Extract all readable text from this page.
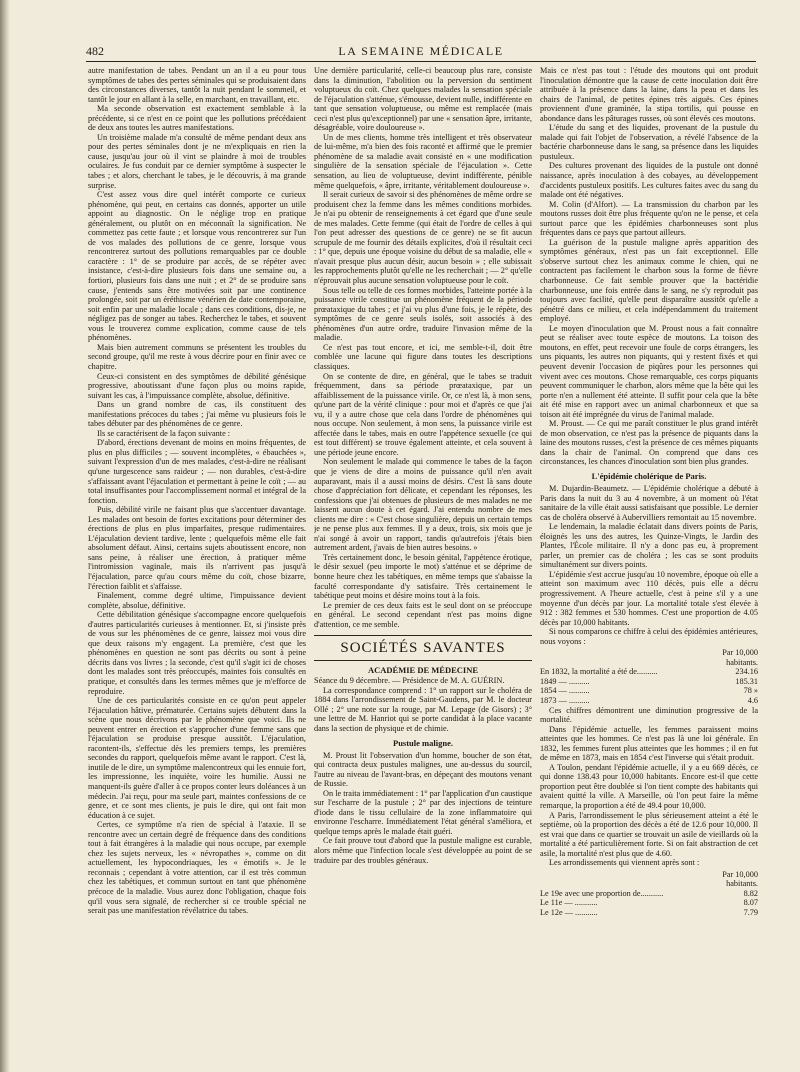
482	LA SEMAINE MÉDICALE

autre manifestation de tabes. Pendant un an il a eu pour tous symptômes de tabes des pertes séminales qui se produisaient dans des circonstances diverses, tantôt la nuit pendant le sommeil, et tantôt le jour en allant à la selle, en marchant, en travaillant, etc.

Ma seconde observation est exactement semblable à la précédente, si ce n'est en ce point que les pollutions précédaient de deux ans toutes les autres manifestations.

Un troisième malade m'a consulté de même pendant deux ans pour des pertes séminales dont je ne m'expliquais en rien la cause, jusqu'au jour où il vint se plaindre à moi de troubles oculaires. Je fus conduit par ce dernier symptôme à suspecter le tabes ; et alors, cherchant le tabes, je le découvris, à ma grande surprise.

C'est assez vous dire quel intérêt comporte ce curieux phénomène, qui peut, en certains cas donnés, apporter un utile appoint au diagnostic. On le néglige trop en pratique généralement, ou plutôt on en méconnaît la signification. Ne commettez pas cette faute ; et lorsque vous rencontrerez sur l'un de vos malades des pollutions de ce genre, lorsque vous rencontrerez surtout des pollutions remarquables par ce double caractère : 1° de se produire par accès, de se répéter avec insistance, c'est-à-dire plusieurs fois dans une semaine ou, a fortiori, plusieurs fois dans une nuit ; et 2° de se produire sans cause, j'entends sans être motivées soit par une continence prolongée, soit par un éréthisme vénérien de date contemporaine, soit enfin par une maladie locale ; dans ces conditions, dis-je, ne négligez pas de songer au tabes. Recherchez le tabes, et souvent vous le trouverez comme explication, comme cause de tels phénomènes.

Mais bien autrement communs se présentent les troubles du second groupe, qu'il me reste à vous décrire pour en finir avec ce chapitre.

Ceux-ci consistent en des symptômes de débilité génésique progressive, aboutissant d'une façon plus ou moins rapide, suivant les cas, à l'impuissance complète, absolue, définitive.

Dans un grand nombre de cas, ils constituent des manifestations précoces du tabes ; j'ai même vu plusieurs fois le tabes débuter par des phénomènes de ce genre.

Ils se caractérisent de la façon suivante :

D'abord, érections devenant de moins en moins fréquentes, de plus en plus difficiles ; — souvent incomplètes, « ébauchées », suivant l'expression d'un de mes malades, c'est-à-dire ne réalisant qu'une turgescence sans raideur ; — non durables, c'est-à-dire s'affaissant avant l'éjaculation et permettant à peine le coït ; — au total insuffisantes pour l'accomplissement normal et intégral de la fonction.

Puis, débilité virile ne faisant plus que s'accentuer davantage. Les malades ont besoin de fortes excitations pour déterminer des érections de plus en plus imparfaites, presque rudimentaires. L'éjaculation devient tardive, lente ; quelquefois même elle fait absolument défaut. Ainsi, certains sujets aboutissent encore, non sans peine, à réaliser une érection, à pratiquer même l'intromission vaginale, mais ils n'arrivent pas jusqu'à l'éjaculation, parce qu'au cours même du coït, chose bizarre, l'érection faiblit et s'affaisse.

Finalement, comme degré ultime, l'impuissance devient complète, absolue, définitive.

Cette débilitation génésique s'accompagne encore quelquefois d'autres particularités curieuses à mentionner. Et, si j'insiste près de vous sur les phénomènes de ce genre, laissez moi vous dire que deux raisons m'y engagent. La première, c'est que les phénomènes en question ne sont pas décrits ou sont à peine décrits dans vos livres ; la seconde, c'est qu'il s'agit ici de choses dont les malades sont très préoccupés, maintes fois consultés en pratique, et consultés dans les termes mêmes que je m'efforce de reproduire.

Une de ces particularités consiste en ce qu'on peut appeler l'éjaculation hâtive, prématurée. Certains sujets débutent dans la scène que nous décrivons par le phénomène que voici. Ils ne peuvent entrer en érection et s'approcher d'une femme sans que l'éjaculation se produise presque aussitôt. L'éjaculation, racontent-ils, s'effectue dès les premiers temps, les premières secondes du rapport, quelquefois même avant le rapport. C'est là, inutile de le dire, un symptôme malencontreux qui les ennuie fort, les impressionne, les inquiète, voire les humilie. Aussi ne manquent-ils guère d'aller à ce propos conter leurs doléances à un médecin. J'ai reçu, pour ma seule part, maintes confessions de ce genre, et ce sont mes clients, je puis le dire, qui ont fait mon éducation à ce sujet.

Certes, ce symptôme n'a rien de spécial à l'ataxie. Il se rencontre avec un certain degré de fréquence dans des conditions tout à fait étrangères à la maladie qui nous occupe, par exemple chez les sujets nerveux, les « névropathes », comme on dit actuellement, les hypocondriaques, les « émotifs ». Je le reconnais ; cependant à votre attention, car il est très commun chez les tabétiques, et commun surtout en tant que phénomène précoce de la maladie. Vous aurez donc l'obligation, chaque fois qu'il vous sera signalé, de rechercher si ce trouble spécial ne serait pas une manifestation révélatrice du tabes.

Une dernière particularité, celle-ci beaucoup plus rare, consiste dans la diminution, l'abolition ou la perversion du sentiment voluptueux du coït. Chez quelques malades la sensation spéciale de l'éjaculation s'atténue, s'émousse, devient nulle, indifférente en tant que sensation voluptueuse, ou même est remplacée (mais ceci n'est plus qu'exceptionnel) par une « sensation âpre, irritante, désagréable, voire douloureuse ».

Un de mes clients, homme très intelligent et très observateur de lui-même, m'a bien des fois raconté et affirmé que le premier phénomène de sa maladie avait consisté en « une modification singulière de la sensation spéciale de l'éjaculation ». Cette sensation, au lieu de voluptueuse, devint indifférente, pénible même quelquefois, « âpre, irritante, véritablement douloureuse ».

Il serait curieux de savoir si des phénomènes de même ordre se produisent chez la femme dans les mêmes conditions morbides. Je n'ai pu obtenir de renseignements à cet égard que d'une seule de mes malades. Cette femme (qui était de l'ordre de celles à qui l'on peut adresser des questions de ce genre) ne se fit aucun scrupule de me fournir des détails explicites, d'où il résultait ceci : 1° que, depuis une époque voisine du début de sa maladie, elle « n'avait presque plus aucun désir, aucun besoin » ; elle subissait les rapprochements plutôt qu'elle ne les recherchait ; — 2° qu'elle n'éprouvait plus aucune sensation voluptueuse pour le coït.

Sous telle ou telle de ces formes morbides, l'atteinte portée à la puissance virile constitue un phénomène fréquent de la période prœataxique du tabes ; et j'ai vu plus d'une fois, je le répète, des symptômes de ce genre seuls isolés, soit associés à des phénomènes d'un autre ordre, traduire l'invasion même de la maladie.

Ce n'est pas tout encore, et ici, me semble-t-il, doit être comblée une lacune qui figure dans toutes les descriptions classiques.

On se contente de dire, en général, que le tabes se traduit fréquemment, dans sa période prœataxique, par un affaiblissement de la puissance virile. Or, ce n'est là, à mon sens, qu'une part de la vérité clinique : pour moi et d'après ce que j'ai vu, il y a autre chose que cela dans l'ordre de phénomènes qui nous occupe. Non seulement, à mon sens, la puissance virile est affectée dans le tabes, mais en outre l'appétence sexuelle (ce qui est tout différent) se trouve également atteinte, et cela souvent à une période jeune encore.

Non seulement le malade qui commence le tabes de la façon que je viens de dire a moins de puissance qu'il n'en avait auparavant, mais il a aussi moins de désirs. C'est là sans doute chose d'appréciation fort délicate, et cependant les réponses, les confessions que j'ai obtenues de plusieurs de mes malades ne me laissent aucun doute à cet égard. J'ai entendu nombre de mes clients me dire : « C'est chose singulière, depuis un certain temps je ne pense plus aux femmes. Il y a deux, trois, six mois que je n'ai songé à avoir un rapport, tandis qu'autrefois j'étais bien autrement ardent, j'avais de bien autres besoins. »

Très certainement donc, le besoin génital, l'appétence érotique, le désir sexuel (peu importe le mot) s'atténue et se déprime de bonne heure chez les tabétiques, en même temps que s'abaisse la faculté correspondante d'y satisfaire. Très certainement le tabétique peut moins et désire moins tout à la fois.

Le premier de ces deux faits est le seul dont on se préoccupe en général. Le second cependant n'est pas moins digne d'attention, ce me semble.

SOCIÉTÉS SAVANTES
ACADÉMIE DE MÉDECINE

Séance du 9 décembre. — Présidence de M. A. GUÉRIN.

La correspondance comprend : 1° un rapport sur le choléra de 1884 dans l'arrondissement de Saint-Gaudens, par M. le docteur Ollé ; 2° une note sur la rouge, par M. Lepage (de Gisors) ; 3° une lettre de M. Hanriot qui se porte candidat à la place vacante dans la section de physique et de chimie.

Pustule maligne.

M. Proust lit l'observation d'un homme, boucher de son état, qui contracta deux pustules malignes, une au-dessus du sourcil, l'autre au niveau de l'avant-bras, en dépeçant des moutons venant de Russie.

On le traita immédiatement : 1° par l'application d'un caustique sur l'escharre de la pustule ; 2° par des injections de teinture d'iode dans le tissu cellulaire de la zone inflammatoire qui environne l'escharre. Immédiatement l'état général s'améliora, et quelque temps après le malade était guéri.

Ce fait prouve tout d'abord que la pustule maligne est curable, alors même que l'infection locale s'est développée au point de se traduire par des troubles généraux.

Mais ce n'est pas tout : l'étude des moutons qui ont produit l'inoculation démontre que la cause de cette inoculation doit être attribuée à la présence dans la laine, dans la peau et dans les chairs de l'animal, de petites épines très aiguës. Ces épines proviennent d'une graminée, la stipa tortilis, qui pousse en abondance dans les pâturages russes, où sont élevés ces moutons.

L'étude du sang et des liquides, provenant de la pustule du malade qui fait l'objet de l'observation, a révélé l'absence de la bactérie charbonneuse dans le sang, sa présence dans les liquides pustuleux.

Des cultures provenant des liquides de la pustule ont donné naissance, après inoculation à des cobayes, au développement d'accidents pustuleux positifs. Les cultures faites avec du sang du malade ont été négatives.

M. Colin (d'Alfort). — La transmission du charbon par les moutons russes doit être plus fréquente qu'on ne le pense, et cela surtout parce que les épidémies charbonneuses sont plus fréquentes dans ce pays que partout ailleurs.

La guérison de la pustule maligne après apparition des symptômes généraux, n'est pas un fait exceptionnel. Elle s'observe surtout chez les animaux comme le chien, qui ne contractent pas facilement le charbon sous la forme de fièvre charbonneuse. Ce fait semble prouver que la bactéridie charbonneuse, une fois entrée dans le sang, ne s'y reproduit pas toujours avec facilité, qu'elle peut disparaître aussitôt qu'elle a pénétré dans ce milieu, et cela indépendamment du traitement employé.

Le moyen d'inoculation que M. Proust nous a fait connaître peut se réaliser avec toute espèce de moutons. La toison des moutons, en effet, peut recevoir une foule de corps étrangers, les uns piquants, les autres non piquants, qui y restent fixés et qui peuvent devenir l'occasion de piqûres pour les personnes qui vivent avec ces moutons. Chose remarquable, ces corps piquants peuvent communiquer le charbon, alors même que la bête qui les porte n'en a nullement été atteinte. Il suffit pour cela que la bête ait été mise en rapport avec un animal charbonneux et que sa toison ait été imprégnée du virus de l'animal malade.

M. Proust. — Ce qui me paraît constituer le plus grand intérêt de mon observation, ce n'est pas la présence de piquants dans la laine des moutons russes, c'est la présence de ces mêmes piquants dans la chair de l'animal. On comprend que dans ces circonstances, les chances d'inoculation sont bien plus grandes.

L'épidémie cholérique de Paris.

M. Dujardin-Beaumetz. — L'épidémie cholérique a débuté à Paris dans la nuit du 3 au 4 novembre, à un moment où l'état sanitaire de la ville était aussi satisfaisant que possible. Le dernier cas de choléra observé à Aubervilliers remontait au 15 novembre.

Le lendemain, la maladie éclatait dans divers points de Paris, éloignés les uns des autres, les Quinze-Vingts, le Jardin des Plantes, l'École militaire. Il n'y a donc pas eu, à proprement parler, un premier cas de choléra ; les cas se sont produits simultanément sur divers points.

L'épidémie s'est accrue jusqu'au 10 novembre, époque où elle a atteint son maximum avec 110 décès, puis elle a décru progressivement. A l'heure actuelle, c'est à peine s'il y a une moyenne d'un décès par jour. La mortalité totale s'est élevée à 912 : 382 femmes et 530 hommes. C'est une proportion de 4.05 décès par 10,000 habitants.

Si nous comparons ce chiffre à celui des épidémies antérieures, nous voyons :

Par 10,000
habitants.
En 1832, la mortalité a été de..........	234.16
1849 — ..........	185.31
1854 — ..........	78 »
1873 — ..........	4.6

Ces chiffres démontrent une diminution progressive de la mortalité.

Dans l'épidémie actuelle, les femmes paraissent moins atteintes que les hommes. Ce n'est pas là une loi générale. En 1832, les femmes furent plus atteintes que les hommes ; il en fut de même en 1873, mais en 1854 c'est l'inverse qui s'était produit.

A Toulon, pendant l'épidémie actuelle, il y a eu 669 décès, ce qui donne 138.43 pour 10,000 habitants. Encore est-il que cette proportion peut être doublée si l'on tient compte des habitants qui avaient quitté la ville. A Marseille, où l'on peut faire la même remarque, la proportion a été de 49.4 pour 10,000.

A Paris, l'arrondissement le plus sérieusement atteint a été le septième, où la proportion des décès a été de 12.6 pour 10,000. Il est vrai que dans ce quartier se trouvait un asile de vieillards où la mortalité a été particulièrement forte. Si on fait abstraction de cet asile, la mortalité n'est plus que de 4.60.

Les arrondissements qui viennent après sont :

Par 10,000
habitants.
Le 19e avec une proportion de...........	8.82
Le 11e — ...........	8.07
Le 12e — ...........	7.79
